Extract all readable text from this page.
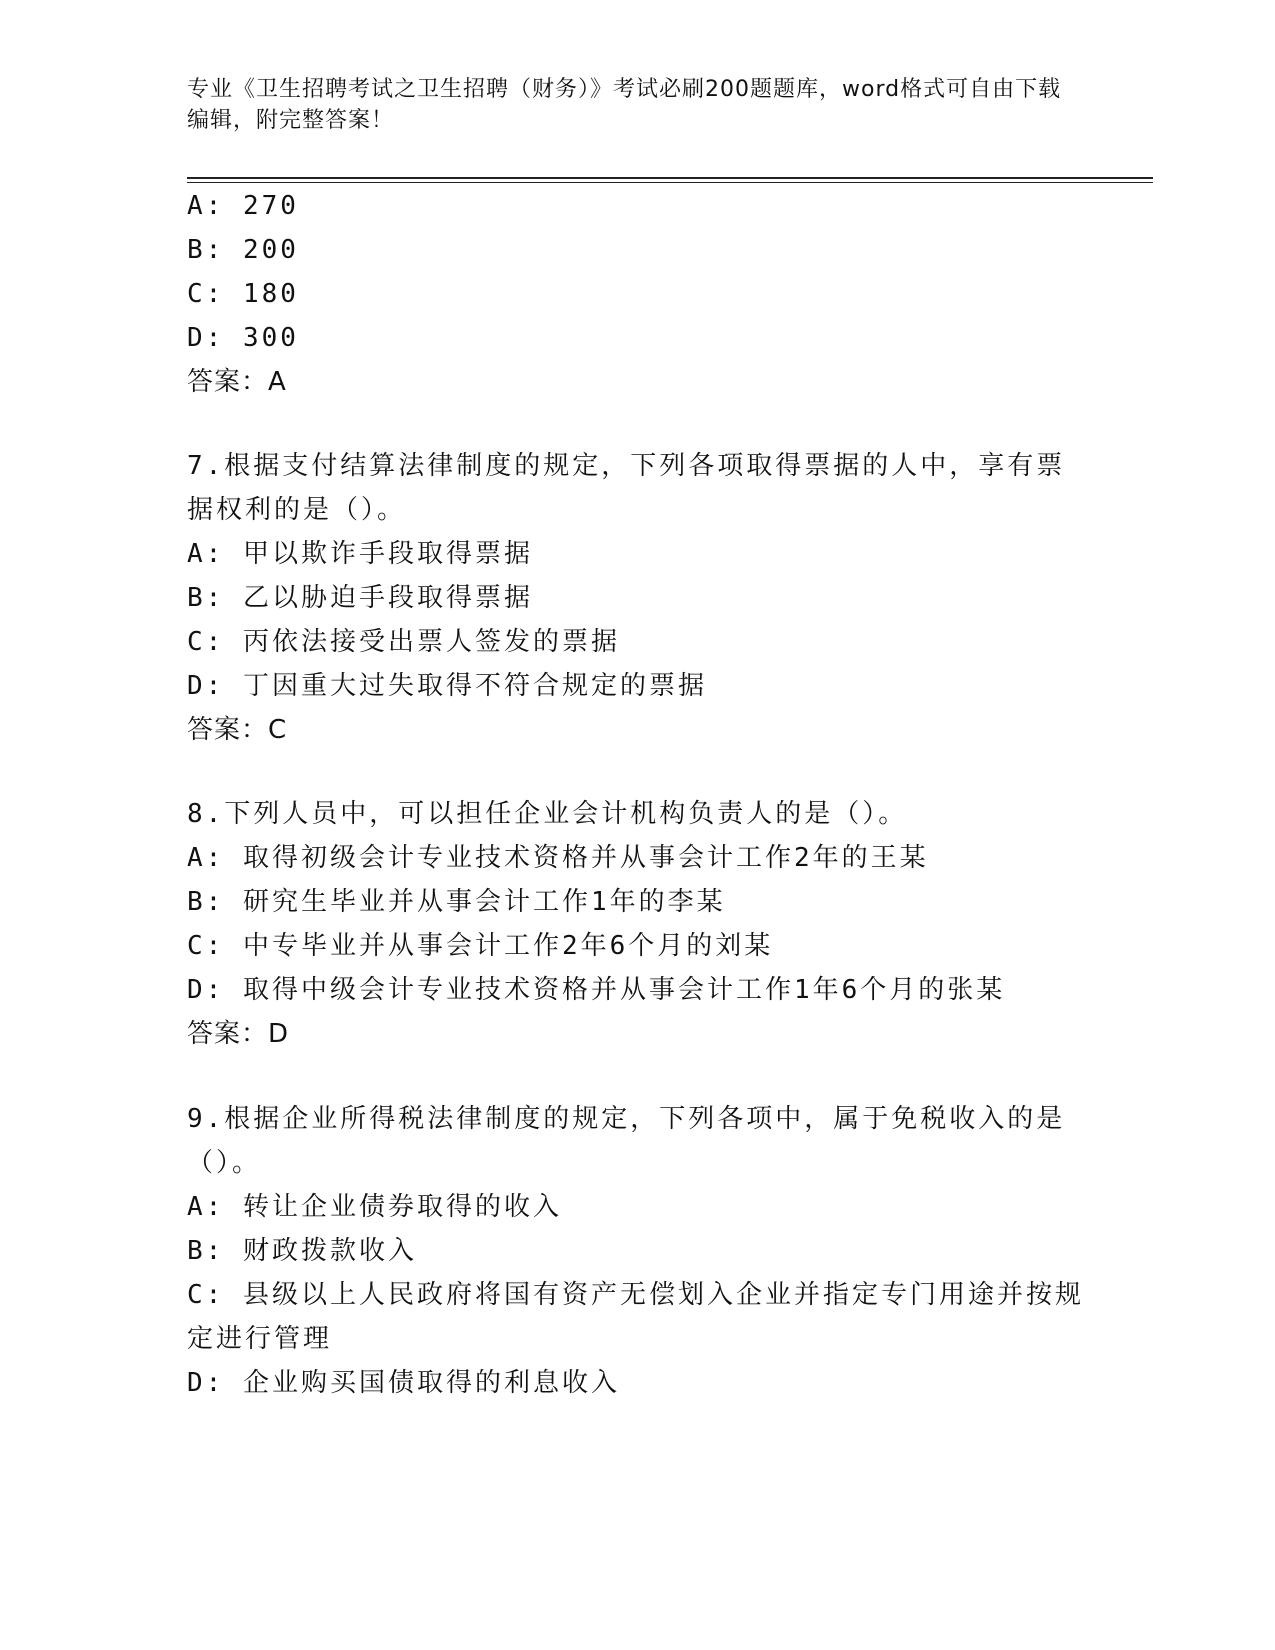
专业《卫生招聘考试之卫生招聘（财务）》考试必刷200题题库，word格式可自由下载编辑，附完整答案！
A: 270
B: 200
C: 180
D: 300
答案：A
7.根据支付结算法律制度的规定，下列各项取得票据的人中，享有票
据权利的是（）。
A: 甲以欺诈手段取得票据
B: 乙以胁迫手段取得票据
C: 丙依法接受出票人签发的票据
D: 丁因重大过失取得不符合规定的票据
答案：C
8.下列人员中，可以担任企业会计机构负责人的是（）。
A: 取得初级会计专业技术资格并从事会计工作2年的王某
B: 研究生毕业并从事会计工作1年的李某
C: 中专毕业并从事会计工作2年6个月的刘某
D: 取得中级会计专业技术资格并从事会计工作1年6个月的张某
答案：D
9.根据企业所得税法律制度的规定，下列各项中，属于免税收入的是
（）。
A: 转让企业债券取得的收入
B: 财政拨款收入
C: 县级以上人民政府将国有资产无偿划入企业并指定专门用途并按规
定进行管理
D: 企业购买国债取得的利息收入
